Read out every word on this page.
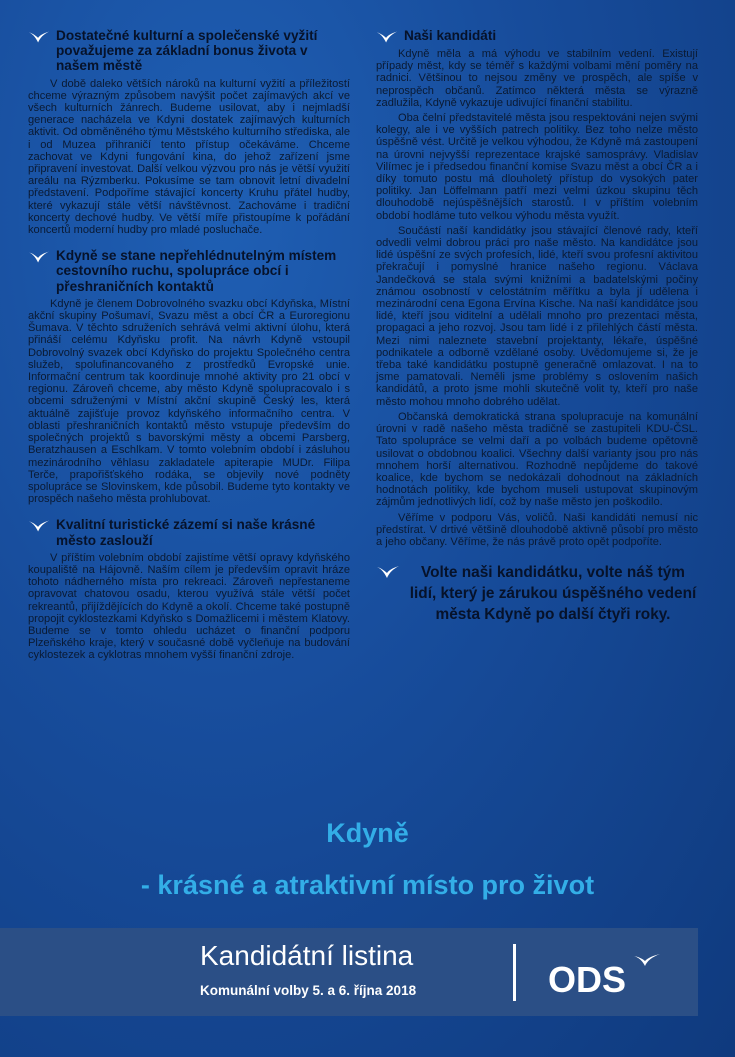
Dostatečné kulturní a společenské vyžití považujeme za základní bonus života v našem městě

V době daleko větších nároků na kulturní vyžití a příležitostí chceme výrazným způsobem navýšit počet zajímavých akcí ve všech kulturních žánrech. Budeme usilovat, aby i nejmladší generace nacházela ve Kdyni dostatek zajímavých kulturních aktivit. Od obměněného týmu Městského kulturního střediska, ale i od Muzea přihraničí tento přístup očekáváme. Chceme zachovat ve Kdyni fungování kina, do jehož zařízení jsme připravení investovat. Další velkou výzvou pro nás je větší využití areálu na Rýzmberku. Pokusíme se tam obnovit letní divadelní představení. Podpoříme stávající koncerty Kruhu přátel hudby, které vykazují stále větší návštěvnost. Zachováme i tradiční koncerty dechové hudby. Ve větší míře přistoupíme k pořádání koncertů moderní hudby pro mladé posluchače.

Kdyně se stane nepřehlédnutelným místem cestovního ruchu, spolupráce obcí i přeshraničních kontaktů

Kdyně je členem Dobrovolného svazku obcí Kdyňska, Místní akční skupiny Pošumaví, Svazu měst a obcí ČR a Euroregionu Šumava. V těchto sdruženích sehrává velmi aktivní úlohu, která přináší celému Kdyňsku profit. Na návrh Kdyně vstoupil Dobrovolný svazek obcí Kdyňsko do projektu Společného centra služeb, spolufinancovaného z prostředků Evropské unie. Informační centrum tak koordinuje mnohé aktivity pro 21 obcí v regionu. Zároveň chceme, aby město Kdyně spolupracovalo i s obcemi sdruženými v Místní akční skupině Český les, která aktuálně zajišťuje provoz kdyňského informačního centra. V oblasti přeshraničních kontaktů město vstupuje především do společných projektů s bavorskými městy a obcemi Parsberg, Beratzhausen a Eschlkam. V tomto volebním období i zásluhou mezinárodního věhlasu zakladatele apiterapie MUDr. Filipa Terče, prapořišťského rodáka, se objevily nové podněty spolupráce se Slovinskem, kde působil. Budeme tyto kontakty ve prospěch našeho města prohlubovat.

Kvalitní turistické zázemí si naše krásné město zaslouží

V příštím volebním období zajistíme větší opravy kdyňského koupaliště na Hájovně. Naším cílem je především opravit hráze tohoto nádherného místa pro rekreaci. Zároveň nepřestaneme opravovat chatovou osadu, kterou využívá stále větší počet rekreantů, přijíždějících do Kdyně a okolí. Chceme také postupně propojit cyklostezkami Kdyňsko s Domažlicemi i městem Klatovy. Budeme se v tomto ohledu ucházet o finanční podporu Plzeňského kraje, který v současné době vyčleňuje na budování cyklostezek a cyklotras mnohem vyšší finanční zdroje.

Naši kandidáti

Kdyně měla a má výhodu ve stabilním vedení. Existují případy měst, kdy se téměř s každými volbami mění poměry na radnici. Většinou to nejsou změny ve prospěch, ale spíše v neprospěch občanů. Zatímco některá města se výrazně zadlužila, Kdyně vykazuje udivující finanční stabilitu.

Oba čelní představitelé města jsou respektováni nejen svými kolegy, ale i ve vyšších patrech politiky. Bez toho nelze město úspěšně vést. Určitě je velkou výhodou, že Kdyně má zastoupení na úrovni nejvyšší reprezentace krajské samosprávy. Vladislav Vilímec je i předsedou finanční komise Svazu měst a obcí ČR a i díky tomuto postu má dlouholetý přístup do vysokých pater politiky. Jan Löffelmann patří mezi velmi úzkou skupinu těch dlouhodobě nejúspěšnějších starostů. I v příštím volebním období hodláme tuto velkou výhodu města využít.

Součástí naší kandidátky jsou stávající členové rady, kteří odvedli velmi dobrou práci pro naše město. Na kandidátce jsou lidé úspěšní ze svých profesích, lidé, kteří svou profesní aktivitou překračují i pomyslné hranice našeho regionu. Václava Jandečková se stala svými knižními a badatelskými počiny známou osobností v celostátním měřítku a byla jí udělena i mezinárodní cena Egona Ervína Kische. Na naší kandidátce jsou lidé, kteří jsou viditelní a udělali mnoho pro prezentaci města, propagaci a jeho rozvoj. Jsou tam lidé i z přilehlých částí města. Mezi nimi naleznete stavební projektanty, lékaře, úspěšné podnikatele a odborně vzdělané osoby. Uvědomujeme si, že je třeba také kandidátku postupně generačně omlazovat. I na to jsme pamatovali. Neměli jsme problémy s oslovením našich kandidátů, a proto jsme mohli skutečně volit ty, kteří pro naše město mohou mnoho dobrého udělat.

Občanská demokratická strana spolupracuje na komunální úrovni v radě našeho města tradičně se zastupiteli KDU-ČSL. Tato spolupráce se velmi daří a po volbách budeme opětovně usilovat o obdobnou koalici. Všechny další varianty jsou pro nás mnohem horší alternativou. Rozhodně nepůjdeme do takové koalice, kde bychom se nedokázali dohodnout na základních hodnotách politiky, kde bychom museli ustupovat skupinovým zájmům jednotlivých lidí, což by naše město jen poškodilo.

Věříme v podporu Vás, voličů. Naši kandidáti nemusí nic předstírat. V drtivé většině dlouhodobě aktivně působí pro město a jeho občany. Věříme, že nás právě proto opět podpoříte.

Volte naši kandidátku, volte náš tým lidí, který je zárukou úspěšného vedení města Kdyně po další čtyři roky.

Kdyně
- krásné a atraktivní místo pro život
Kandidátní listina
Komunální volby 5. a 6. října 2018	ODS
